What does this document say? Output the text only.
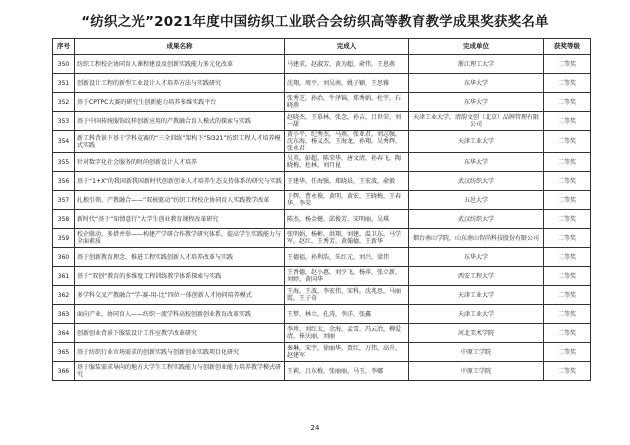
“纺织之光”2021年度中国纺织工业联合会纺织高等教育教学成果奖获奖名单
序号	成果名称	完成人	完成单位	获奖等级
350	纺织工程校企协同育人课程建设及创新实践能力多元化改革	马建求，赵淑芳，黄为超，俞伟，王恩燕	浙江理工大学	二等奖
351	创新设计工程的新型工业设计人才培养方法与实践研究	沈翔，周平，刘吴南，姚子颖，王思雅	东华大学	二等奖
352	基于CPTPC大赛的研究生创新能力培养多维实践平台	张秀芝，孙治，牛泽锦，郑秀娟，杜宇，石晓燕	东华大学	二等奖
353	基于中国传统服饰纹样创新应用的产教融合育人模式的探索与实践	赵晓杰，王慕林，张念，孙吉，吕世荣，刘一甜	天津工业大学，清韵文创（北京）品牌管理有限公司	二等奖
354	新工科背景下基于学科竞赛的“三全训练”架构下“5I321”纺织工程人才培养模式实践	黄小平，纪秀杰，马燕，张亚君，刘志强，沈东海，杨义杰，王海龙，孙翔，吴秀辉，张永君	天津工业大学	二等奖
355	针对数字化社会服务的时尚创新设计人才培养	吴英，彭超，陈荣华，唐文清，孙春飞，陶晓梅，杜林，刘月昆	东华大学	二等奖
356	基于“1+X”的我国新我国新时代创新创业人才培养生态支持体系的研究与实践	王建华，任海强，郑晓晨，王宏波，俞毅	武汉纺织大学	二等奖
357	扎根引领、产教融合——“双核驱动”纺织工程校企协同育人实践教学改革	于辉，曹永俊，黄明，黄宏，王晓梅，王春华，李荣	五邑大学	二等奖
358	新时代“基于“知情意行”大学生创业教育课程改革研究	陈杰，杨金健，邱俊芳，宋明丽，吴琪	武汉纺织大学	二等奖
359	校企联动、多措并举——构建产学研合作教学研究体系，提高学生实践能力与全面素质	张明娟，杨彬，洪翔，刘建，温卫东，马学军，赵红，王秀芳，黄翰德，王新华	烟台南山学院，山东南山智尚科技股份有限公司	二等奖
360	基于创新教育理念，推进工程实践创新人才培养改革与实践	王德福，孙利浩，朱红元，刘兴，梁伟	东华大学	二等奖
361	基于“双创”教育的多维度工程训练教学体系探索与实践	王香德，赵小惠，刘少飞，杨萍，张立新，刘婷，黄国华	西安工程大学	二等奖
362	多学科交叉产教融合“学-赛-用-比”四位一体创新人才协同培养模式	王海，王波，李宏伟，宋科，沈兆思，马丽霞，王子奇	天津工业大学	二等奖
363	面向产业、协同育人——纺织一流学科高校创新创业教育改革实践	王梦，林立，孔涛，李洋，张鑫	天津工业大学	二等奖
364	创新创业背景下服装设计工作室教学改革研究	李珍，刘红太，余海，孟雪，冯云冶，柳爱清，崔庆丽，刘丽	河北美术学院	二等奖
365	基于纺织行业市场需求的创新实践与创新创业实践项目化研究	秦琳，宋宇，徐丽华，贾红，万伟，高升，赵建军	中原工学院	二等奖
366	基于服装需求导向的地方大学生工程实践能力与创新创业能力培养教学模式研究	王莉，吕东梅，张丽丽，马玉，李娜	中原工学院	二等奖
24
